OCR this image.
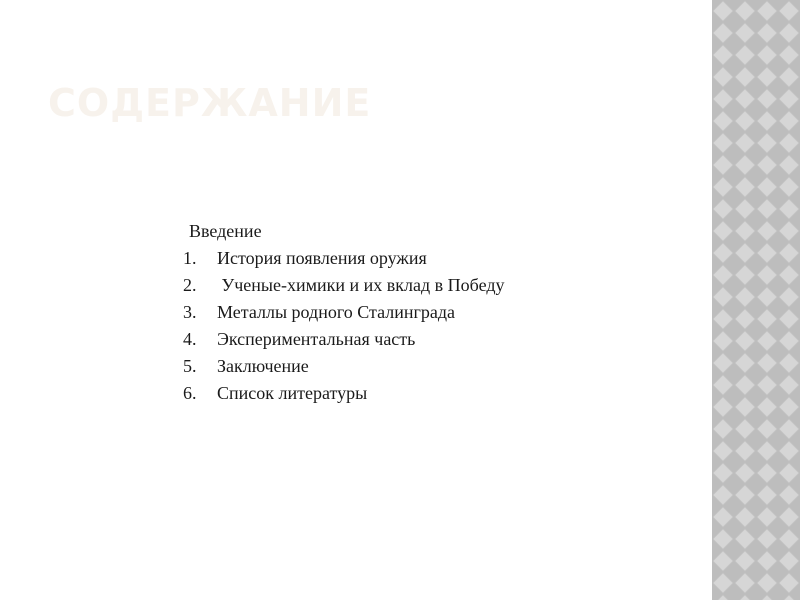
СОДЕРЖАНИЕ
Введение
1.	История появления оружия
2.	Ученые-химики и их вклад в Победу
3.	Металлы родного Сталинграда
4.	Экспериментальная часть
5.	Заключение
6.	Список литературы
